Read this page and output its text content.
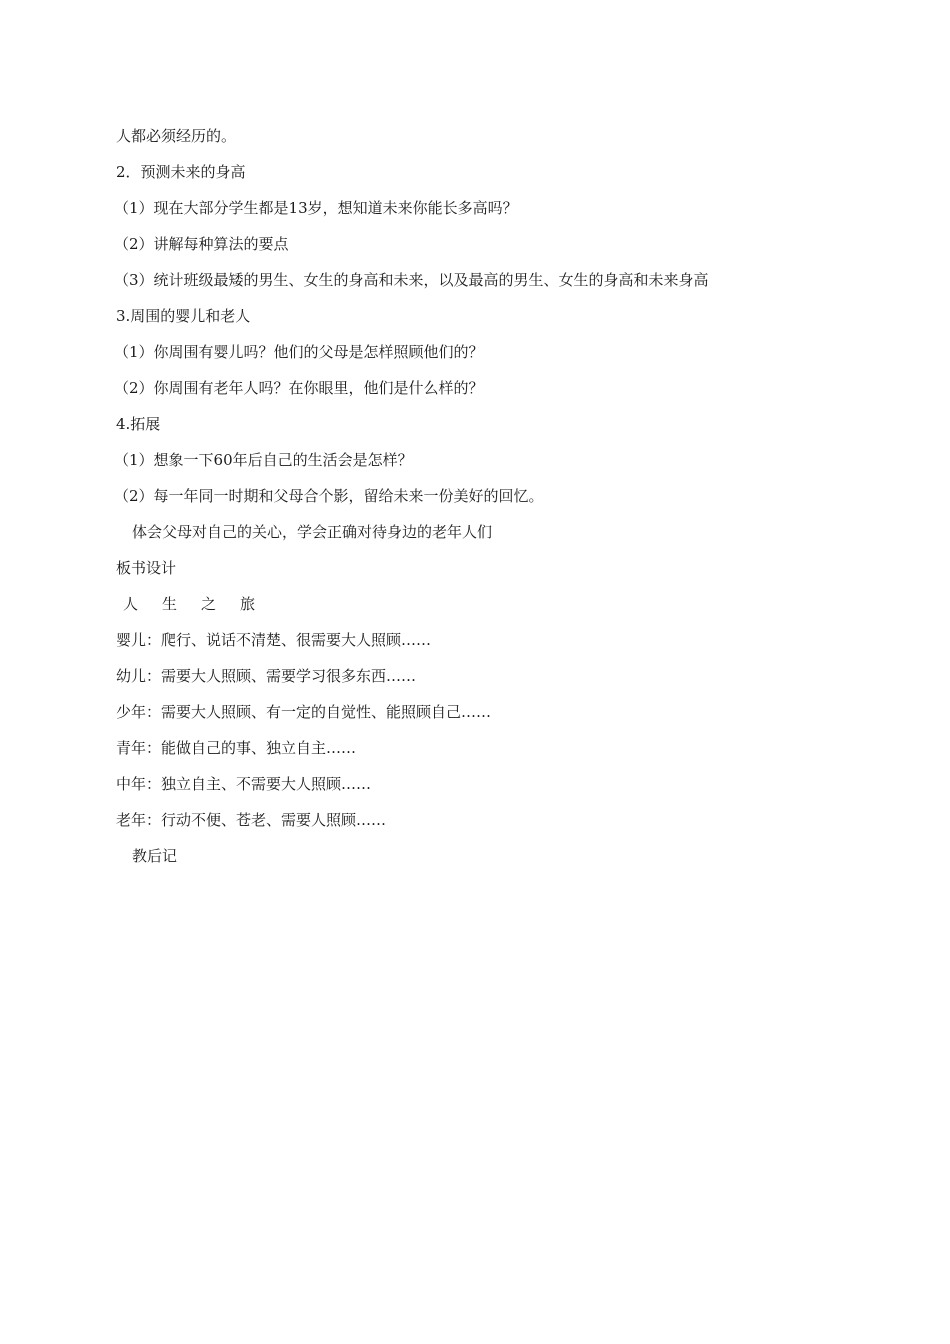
人都必须经历的。
2．预测未来的身高
（1）现在大部分学生都是13岁，想知道未来你能长多高吗？
（2）讲解每种算法的要点
（3）统计班级最矮的男生、女生的身高和未来，以及最高的男生、女生的身高和未来身高
3.周围的婴儿和老人
（1）你周围有婴儿吗？他们的父母是怎样照顾他们的？
（2）你周围有老年人吗？在你眼里，他们是什么样的？
4.拓展
（1）想象一下60年后自己的生活会是怎样？
（2）每一年同一时期和父母合个影，留给未来一份美好的回忆。
体会父母对自己的关心，学会正确对待身边的老年人们
板书设计
人 生 之 旅
婴儿：爬行、说话不清楚、很需要大人照顾……
幼儿：需要大人照顾、需要学习很多东西……
少年：需要大人照顾、有一定的自觉性、能照顾自己……
青年：能做自己的事、独立自主……
中年：独立自主、不需要大人照顾……
老年：行动不便、苍老、需要人照顾……
教后记
